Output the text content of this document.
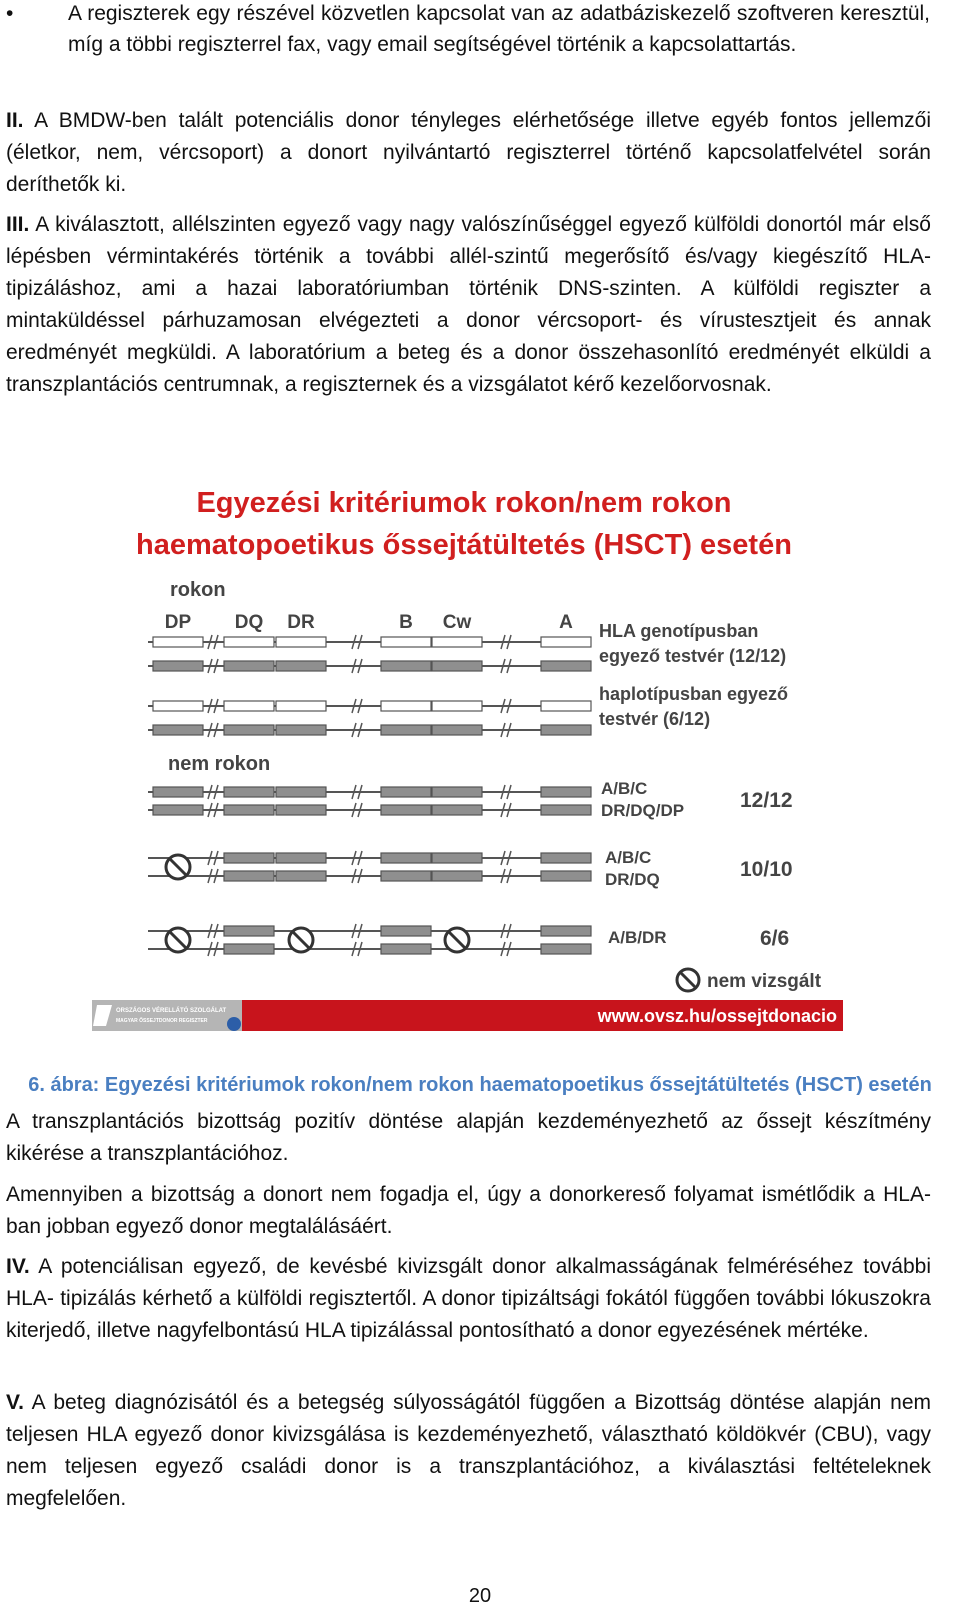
•	A regiszterek egy részével közvetlen kapcsolat van az adatbáziskezelő szoftveren keresztül, míg a többi regiszterrel fax, vagy email segítségével történik a kapcsolattartás.

II. A BMDW-ben talált potenciális donor tényleges elérhetősége illetve egyéb fontos jellemzői (életkor, nem, vércsoport) a donort nyilvántartó regiszterrel történő kapcsolatfelvétel során deríthetők ki.

III. A kiválasztott, allélszinten egyező vagy nagy valószínűséggel egyező külföldi donortól már első lépésben vérmintakérés történik a további allél-szintű megerősítő és/vagy kiegészítő HLA- tipizáláshoz, ami a hazai laboratóriumban történik DNS-szinten. A külföldi regiszter a mintaküldéssel párhuzamosan elvégezteti a donor vércsoport- és vírustesztjeit és annak eredményét megküldi. A laboratórium a beteg és a donor összehasonlító eredményét elküldi a transzplantációs centrumnak, a regiszternek és a vizsgálatot kérő kezelőorvosnak.

Egyezési kritériumok rokon/nem rokon
haematopoetikus őssejtátültetés (HSCT) esetén
rokon
DP DQ DR	B Cw	A HLA genotípusban
egyező testvér (12/12)
haplotípusban egyező
testvér (6/12)
nem rokon
A/B/C
DR/DQ/DP	12/12
A/B/C
DR/DQ	10/10
A/B/DR	6/6
nem vizsgált
ORSZÁGOS VÉRELLÁTÓ SZOLGÁLAT
MAGYAR ŐSSEJTDONOR REGISZTER	www.ovsz.hu/ossejtdonacio
6. ábra: Egyezési kritériumok rokon/nem rokon haematopoetikus őssejtátültetés (HSCT) esetén

A transzplantációs bizottság pozitív döntése alapján kezdeményezhető az őssejt készítmény kikérése a transzplantációhoz.

Amennyiben a bizottság a donort nem fogadja el, úgy a donorkereső folyamat ismétlődik a HLA-ban jobban egyező donor megtalálásáért.

IV. A potenciálisan egyező, de kevésbé kivizsgált donor alkalmasságának felméréséhez további HLA- tipizálás kérhető a külföldi regisztertől. A donor tipizáltsági fokától függően további lókuszokra kiterjedő, illetve nagyfelbontású HLA tipizálással pontosítható a donor egyezésének mértéke.

V. A beteg diagnózisától és a betegség súlyosságától függően a Bizottság döntése alapján nem teljesen HLA egyező donor kivizsgálása is kezdeményezhető, választható köldökvér (CBU), vagy nem teljesen egyező családi donor is a transzplantációhoz, a kiválasztási feltételeknek megfelelően.

20
